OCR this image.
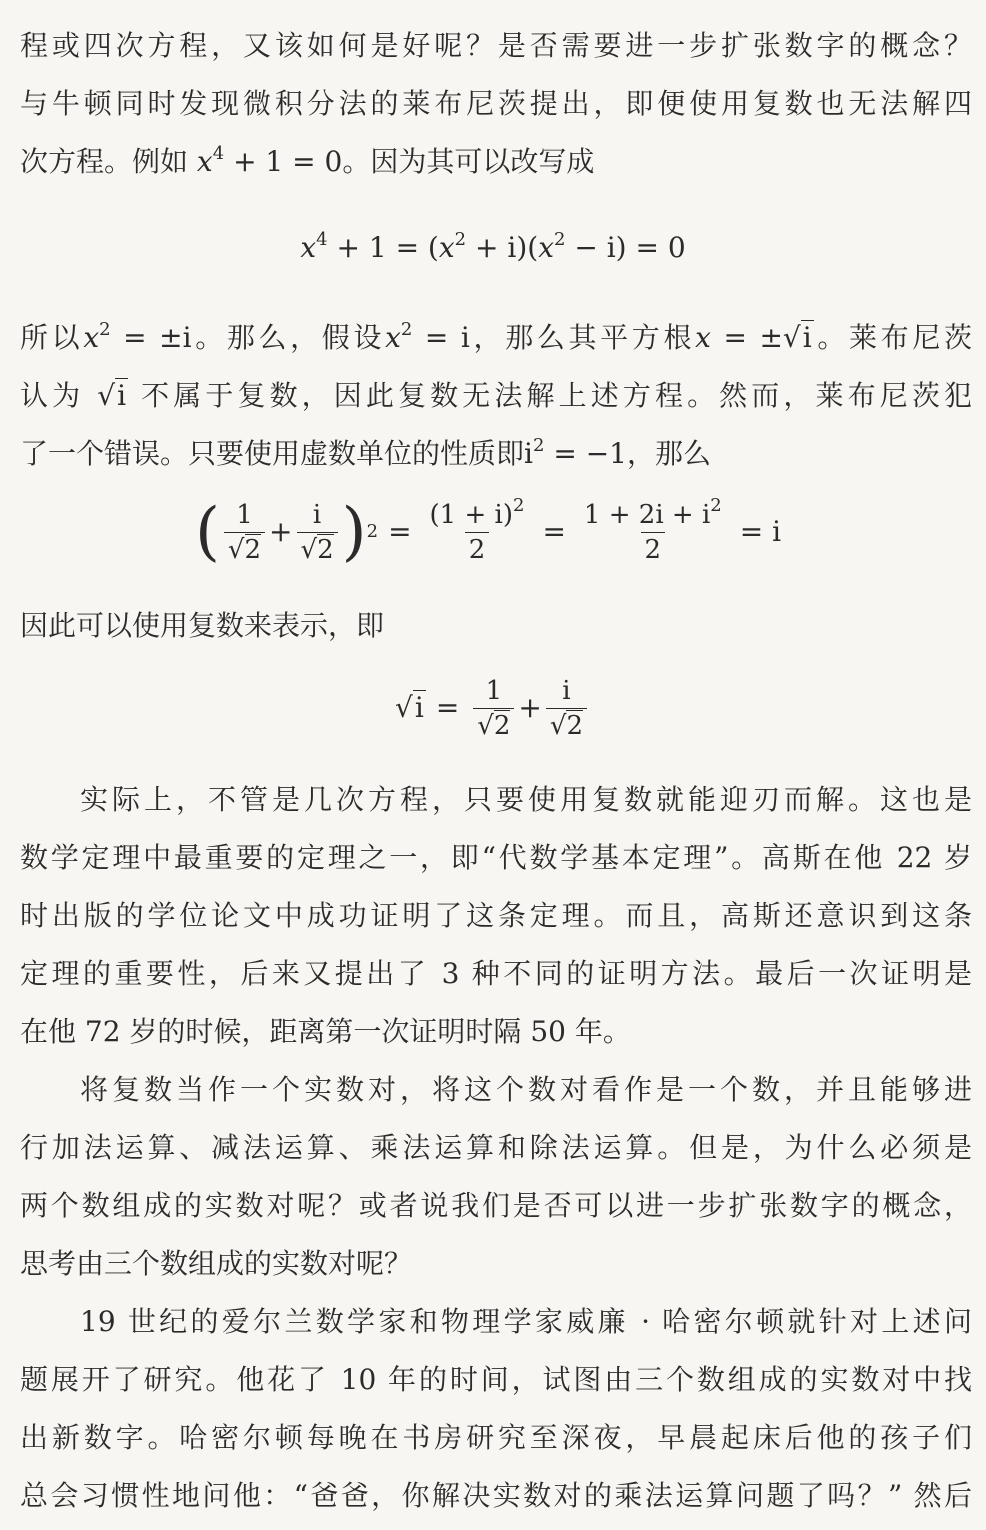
程或四次方程，又该如何是好呢？是否需要进一步扩张数字的概念？
与牛顿同时发现微积分法的莱布尼茨提出，即便使用复数也无法解四
次方程。例如 $x^4 + 1 = 0$。因为其可以改写成
$x^4 + 1 = (x^2 + i)(x^2 - i) = 0$
所以$x^2 = \pm i$。那么，假设$x^2 = i$，那么其平方根x = ±√i。莱布尼茨
认为 √i 不属于复数，因此复数无法解上述方程。然而，莱布尼茨犯
了一个错误。只要使用虚数单位的性质即$i^2 = -1$，那么
( $\frac{1}{√2} + \frac{i}{√2}$ ) $2 = \frac{(1 + i)^2}{2} = \frac{1 + 2i + i^2}{2} = i$
因此可以使用复数来表示，即
$√i = \frac{1}{√2} + \frac{i}{√2}$
实际上，不管是几次方程，只要使用复数就能迎刃而解。这也是
数学定理中最重要的定理之一，即“代数学基本定理”。高斯在他 22 岁
时出版的学位论文中成功证明了这条定理。而且，高斯还意识到这条
定理的重要性，后来又提出了 3 种不同的证明方法。最后一次证明是
在他 72 岁的时候，距离第一次证明时隔 50 年。
将复数当作一个实数对，将这个数对看作是一个数，并且能够进
行加法运算、减法运算、乘法运算和除法运算。但是，为什么必须是
两个数组成的实数对呢？或者说我们是否可以进一步扩张数字的概念，
思考由三个数组成的实数对呢？
19 世纪的爱尔兰数学家和物理学家威廉 · 哈密尔顿就针对上述问
题展开了研究。他花了 10 年的时间，试图由三个数组成的实数对中找
出新数字。哈密尔顿每晚在书房研究至深夜，早晨起床后他的孩子们
总会习惯性地问他：“爸爸，你解决实数对的乘法运算问题了吗？” 然后
